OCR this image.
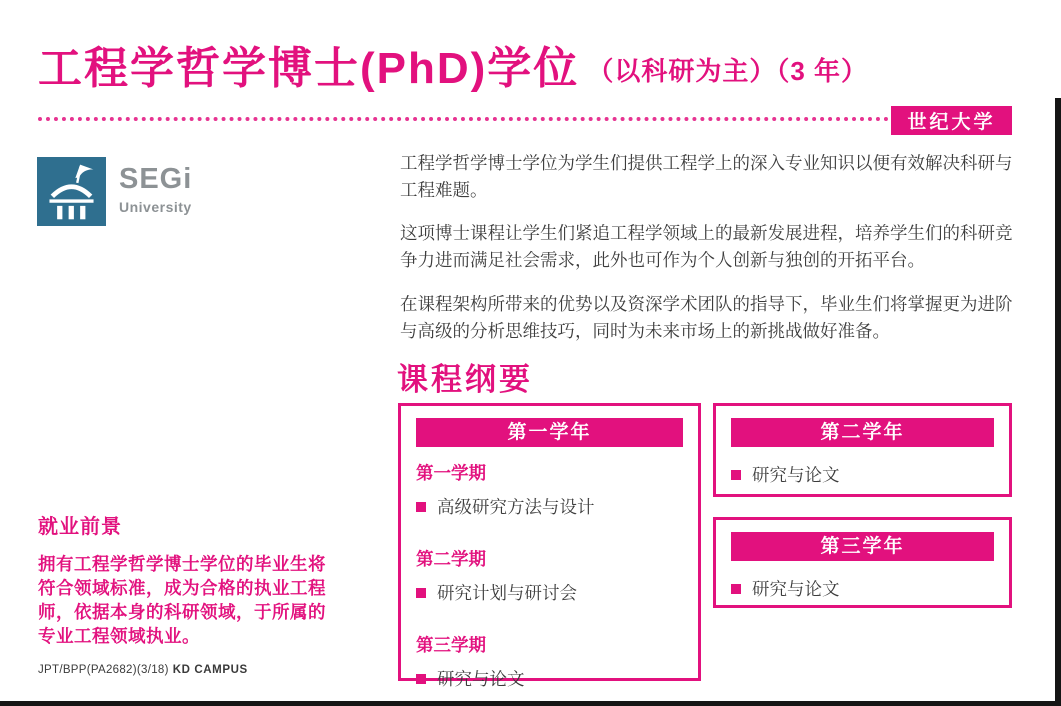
工程学哲学博士(PhD)学位 （以科研为主）（3 年）
世纪大学
SEGi
University

工程学哲学博士学位为学生们提供工程学上的深入专业知识以便有效解决科研与工程难题。

这项博士课程让学生们紧追工程学领域上的最新发展进程，培养学生们的科研竞争力进而满足社会需求，此外也可作为个人创新与独创的开拓平台。

在课程架构所带来的优势以及资深学术团队的指导下，毕业生们将掌握更为进阶与高级的分析思维技巧，同时为未来市场上的新挑战做好准备。

课程纲要
第一学年
第一学期
高级研究方法与设计
第二学期
研究计划与研讨会
第三学期
研究与论文
第二学年
研究与论文
第三学年
研究与论文
就业前景

拥有工程学哲学博士学位的毕业生将符合领域标准，成为合格的执业工程师，依据本身的科研领域，于所属的专业工程领域执业。

JPT/BPP(PA2682)(3/18) KD CAMPUS
